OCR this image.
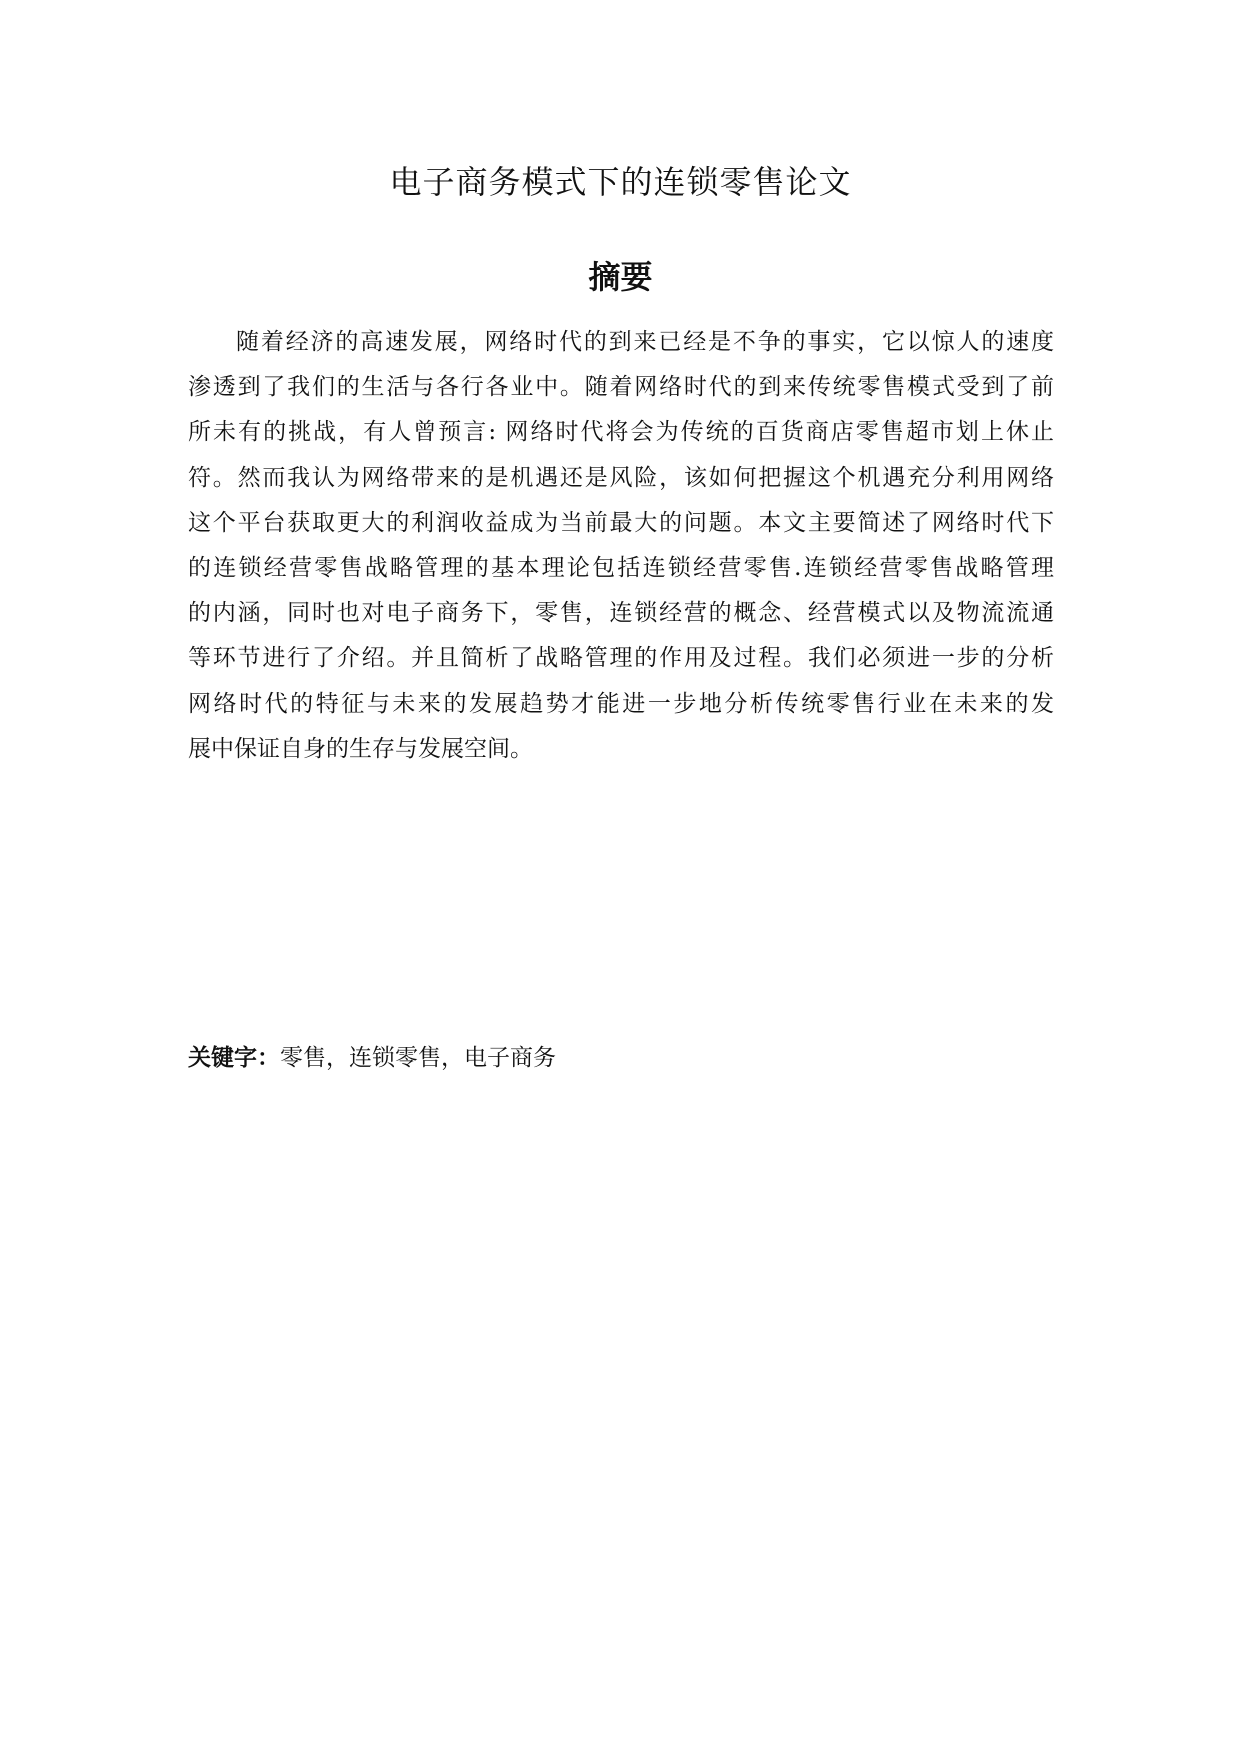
电子商务模式下的连锁零售论文
摘要
随着经济的高速发展，网络时代的到来已经是不争的事实，它以惊人的速度
渗透到了我们的生活与各行各业中。随着网络时代的到来传统零售模式受到了前
所未有的挑战，有人曾预言: 网络时代将会为传统的百货商店零售超市划上休止
符。然而我认为网络带来的是机遇还是风险，该如何把握这个机遇充分利用网络
这个平台获取更大的利润收益成为当前最大的问题。本文主要简述了网络时代下
的连锁经营零售战略管理的基本理论包括连锁经营零售.连锁经营零售战略管理
的内涵，同时也对电子商务下，零售，连锁经营的概念、经营模式以及物流流通
等环节进行了介绍。并且简析了战略管理的作用及过程。我们必须进一步的分析
网络时代的特征与未来的发展趋势才能进一步地分析传统零售行业在未来的发
展中保证自身的生存与发展空间。

关键字：零售，连锁零售，电子商务
